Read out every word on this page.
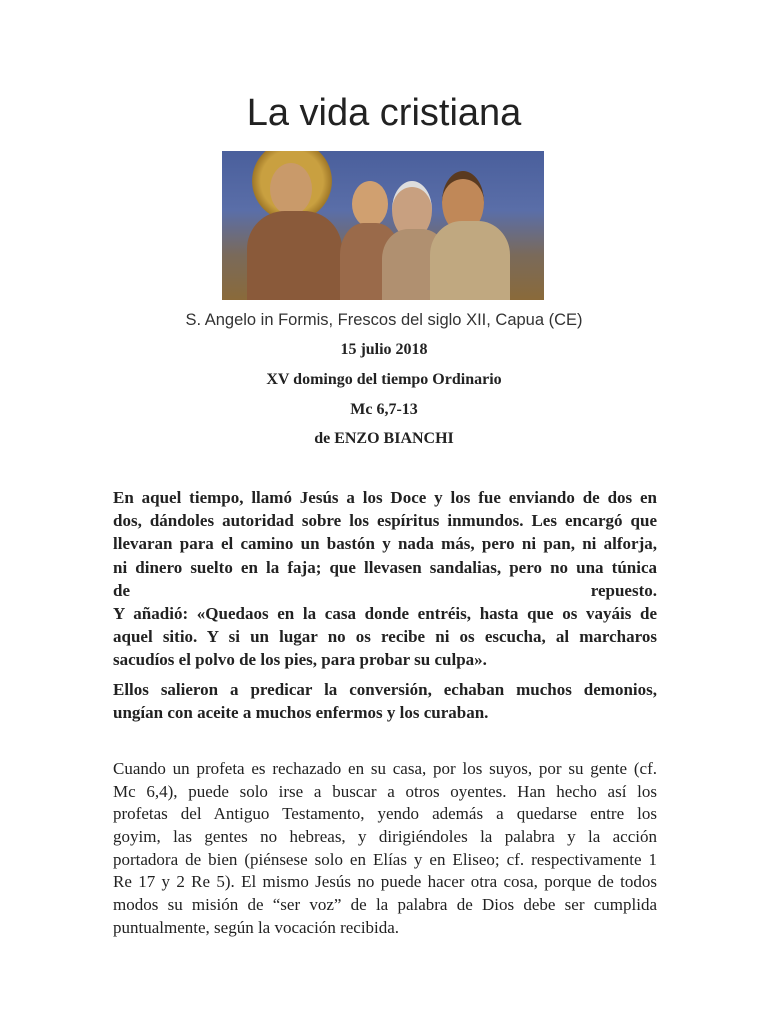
La vida cristiana
S. Angelo in Formis, Frescos del siglo XII, Capua (CE)
15 julio 2018
XV domingo del tiempo Ordinario
Mc 6,7-13
de ENZO BIANCHI
En aquel tiempo, llamó Jesús a los Doce y los fue enviando de dos en
dos, dándoles autoridad sobre los espíritus inmundos. Les encargó que
llevaran para el camino un bastón y nada más, pero ni pan, ni alforja,
ni dinero suelto en la faja; que llevasen sandalias, pero no una túnica
de repuesto.
Y añadió: «Quedaos en la casa donde entréis, hasta que os vayáis de
aquel sitio. Y si un lugar no os recibe ni os escucha, al marcharos
sacudíos el polvo de los pies, para probar su culpa».
Ellos salieron a predicar la conversión, echaban muchos demonios,
ungían con aceite a muchos enfermos y los curaban.
Cuando un profeta es rechazado en su casa, por los suyos, por su gente (cf.
Mc 6,4), puede solo irse a buscar a otros oyentes. Han hecho así los
profetas del Antiguo Testamento, yendo además a quedarse entre los
goyim, las gentes no hebreas, y dirigiéndoles la palabra y la acción
portadora de bien (piénsese solo en Elías y en Eliseo; cf. respectivamente 1
Re 17 y 2 Re 5). El mismo Jesús no puede hacer otra cosa, porque de todos
modos su misión de “ser voz” de la palabra de Dios debe ser cumplida
puntualmente, según la vocación recibida.
